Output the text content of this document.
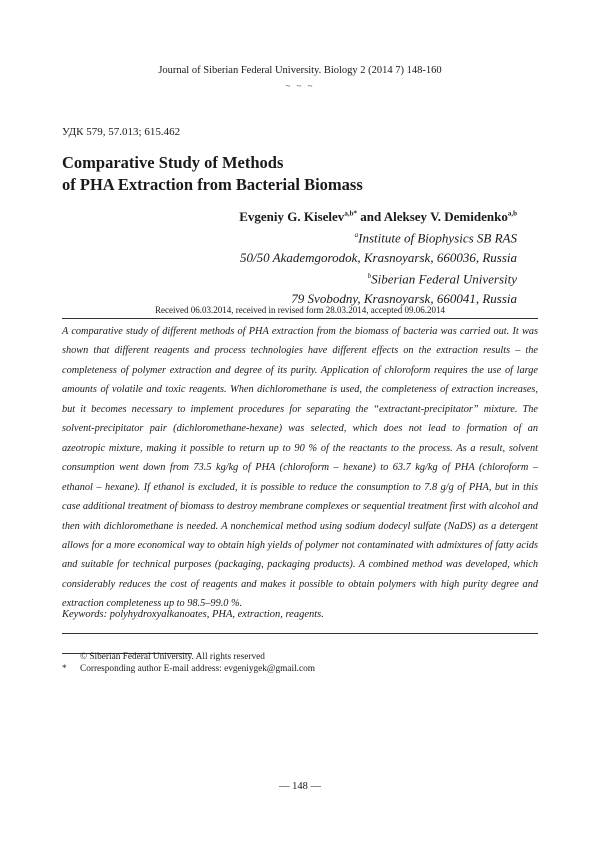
Journal of Siberian Federal University. Biology 2 (2014 7) 148-160
~ ~ ~
УДК 579, 57.013; 615.462
Comparative Study of Methods
of PHA Extraction from Bacterial Biomass
Evgeniy G. Kiselev$^{a,b*}$ and Aleksey V. Demidenko$^{a,b}$
$^a$Institute of Biophysics SB RAS
50/50 Akademgorodok, Krasnoyarsk, 660036, Russia
$^b$Siberian Federal University
79 Svobodny, Krasnoyarsk, 660041, Russia
Received 06.03.2014, received in revised form 28.03.2014, accepted 09.06.2014
A comparative study of different methods of PHA extraction from the biomass of bacteria was carried out. It was shown that different reagents and process technologies have different effects on the extraction results – the completeness of polymer extraction and degree of its purity. Application of chloroform requires the use of large amounts of volatile and toxic reagents. When dichloromethane is used, the completeness of extraction increases, but it becomes necessary to implement procedures for separating the “extractant-precipitator” mixture. The solvent-precipitator pair (dichloromethane-hexane) was selected, which does not lead to formation of an azeotropic mixture, making it possible to return up to 90 % of the reactants to the process. As a result, solvent consumption went down from 73.5 kg/kg of PHA (chloroform – hexane) to 63.7 kg/kg of PHA (chloroform – ethanol – hexane). If ethanol is excluded, it is possible to reduce the consumption to 7.8 g/g of PHA, but in this case additional treatment of biomass to destroy membrane complexes or sequential treatment first with alcohol and then with dichloromethane is needed. A nonchemical method using sodium dodecyl sulfate (NaDS) as a detergent allows for a more economical way to obtain high yields of polymer not contaminated with admixtures of fatty acids and suitable for technical purposes (packaging, packaging products). A combined method was developed, which considerably reduces the cost of reagents and makes it possible to obtain polymers with high purity degree and extraction completeness up to 98.5–99.0 %.
Keywords: polyhydroxyalkanoates, PHA, extraction, reagents.
© Siberian Federal University. All rights reserved
* Corresponding author E-mail address: evgeniygek@gmail.com
― 148 ―
